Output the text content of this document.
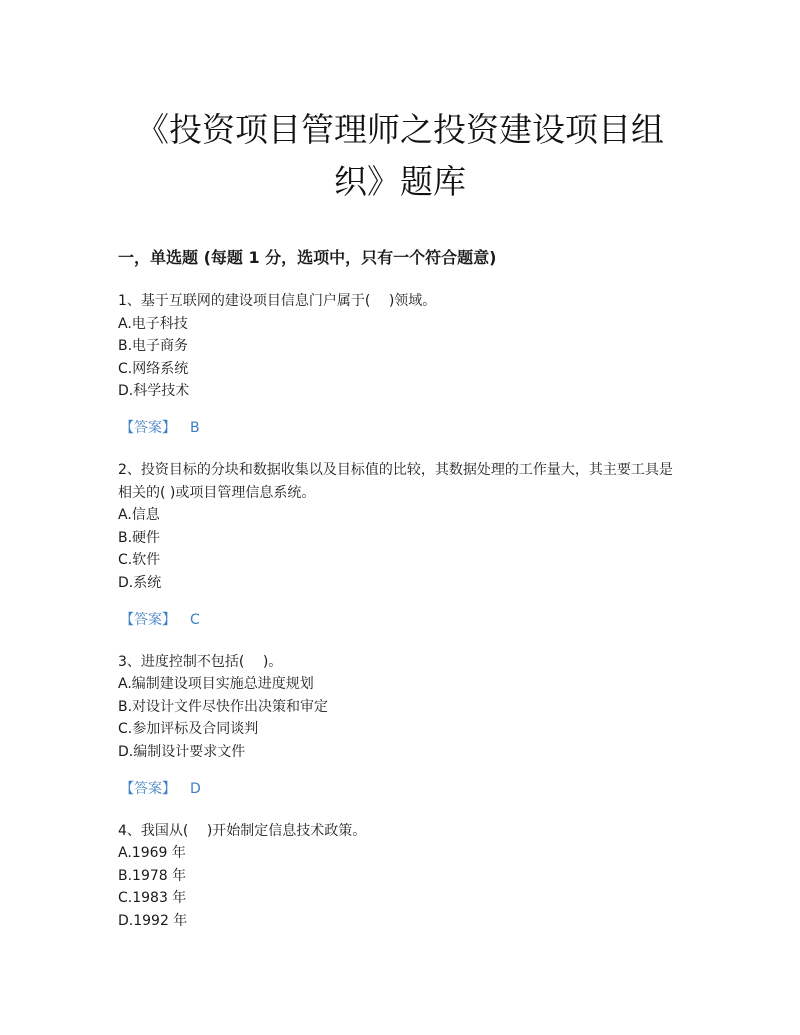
《投资项目管理师之投资建设项目组织》题库
一，单选题 (每题 1 分，选项中，只有一个符合题意)
1、基于互联网的建设项目信息门户属于(　 )领域。
A.电子科技
B.电子商务
C.网络系统
D.科学技术
【答案】 B
2、投资目标的分块和数据收集以及目标值的比较，其数据处理的工作量大，其主要工具是相关的( )或项目管理信息系统。
A.信息
B.硬件
C.软件
D.系统
【答案】 C
3、进度控制不包括(　 )。
A.编制建设项目实施总进度规划
B.对设计文件尽快作出决策和审定
C.参加评标及合同谈判
D.编制设计要求文件
【答案】 D
4、我国从(　 )开始制定信息技术政策。
A.1969 年
B.1978 年
C.1983 年
D.1992 年
